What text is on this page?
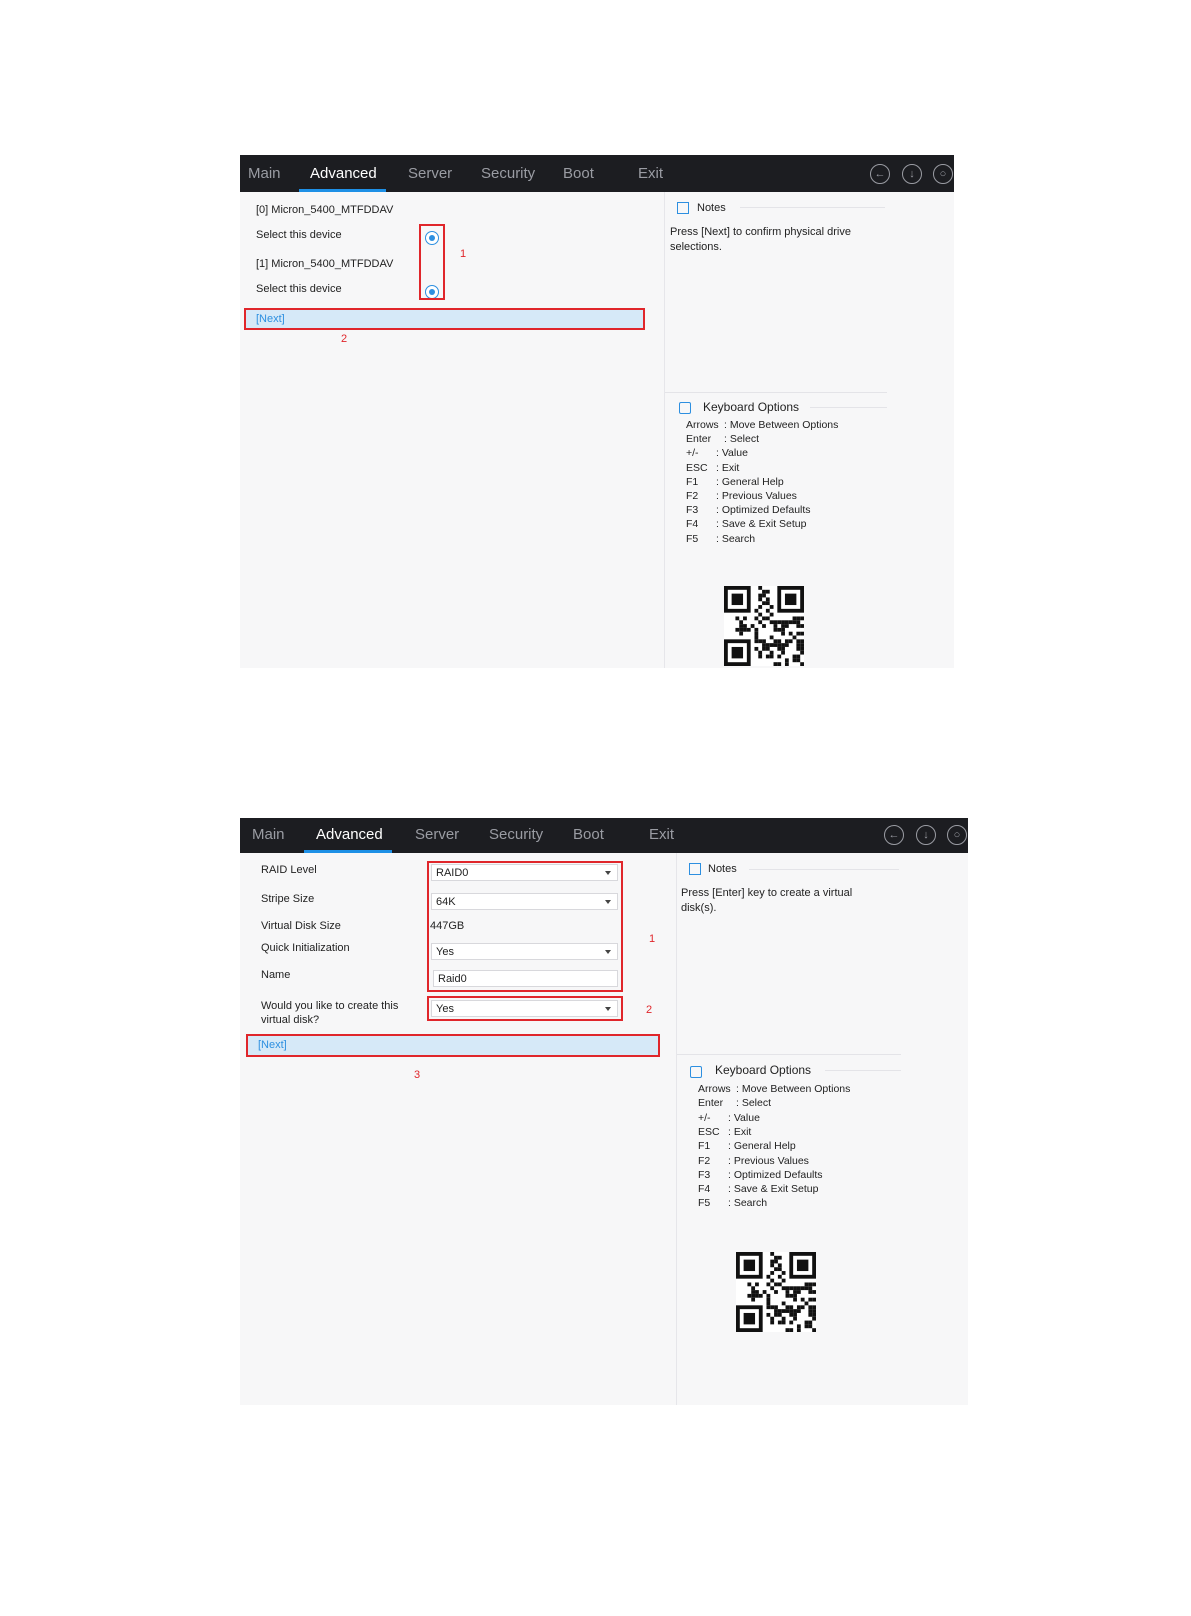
Main Advanced Server Security Boot	Exit	←	↓	○
[0] Micron_5400_MTFDDAV
Select this device
[1] Micron_5400_MTFDDAV
Select this device
1
[Next]
2
Notes
Press [Next] to confirm physical drive selections.
Keyboard Options
Arrows : Move Between Options
Enter : Select
+/- : Value
ESC : Exit
F1 : General Help
F2 : Previous Values
F3 : Optimized Defaults
F4 : Save & Exit Setup
F5 : Search
Main Advanced Server Security Boot	Exit	←	↓	○
RAID Level	RAID0
Stripe Size	64K
Virtual Disk Size	447GB
Quick Initialization	Yes
Name	Raid0
1
Would you like to create this
virtual disk?
Yes	2
[Next]
3
Notes
Press [Enter] key to create a virtual disk(s).
Keyboard Options
Arrows : Move Between Options
Enter : Select
+/- : Value
ESC : Exit
F1 : General Help
F2 : Previous Values
F3 : Optimized Defaults
F4 : Save & Exit Setup
F5 : Search
